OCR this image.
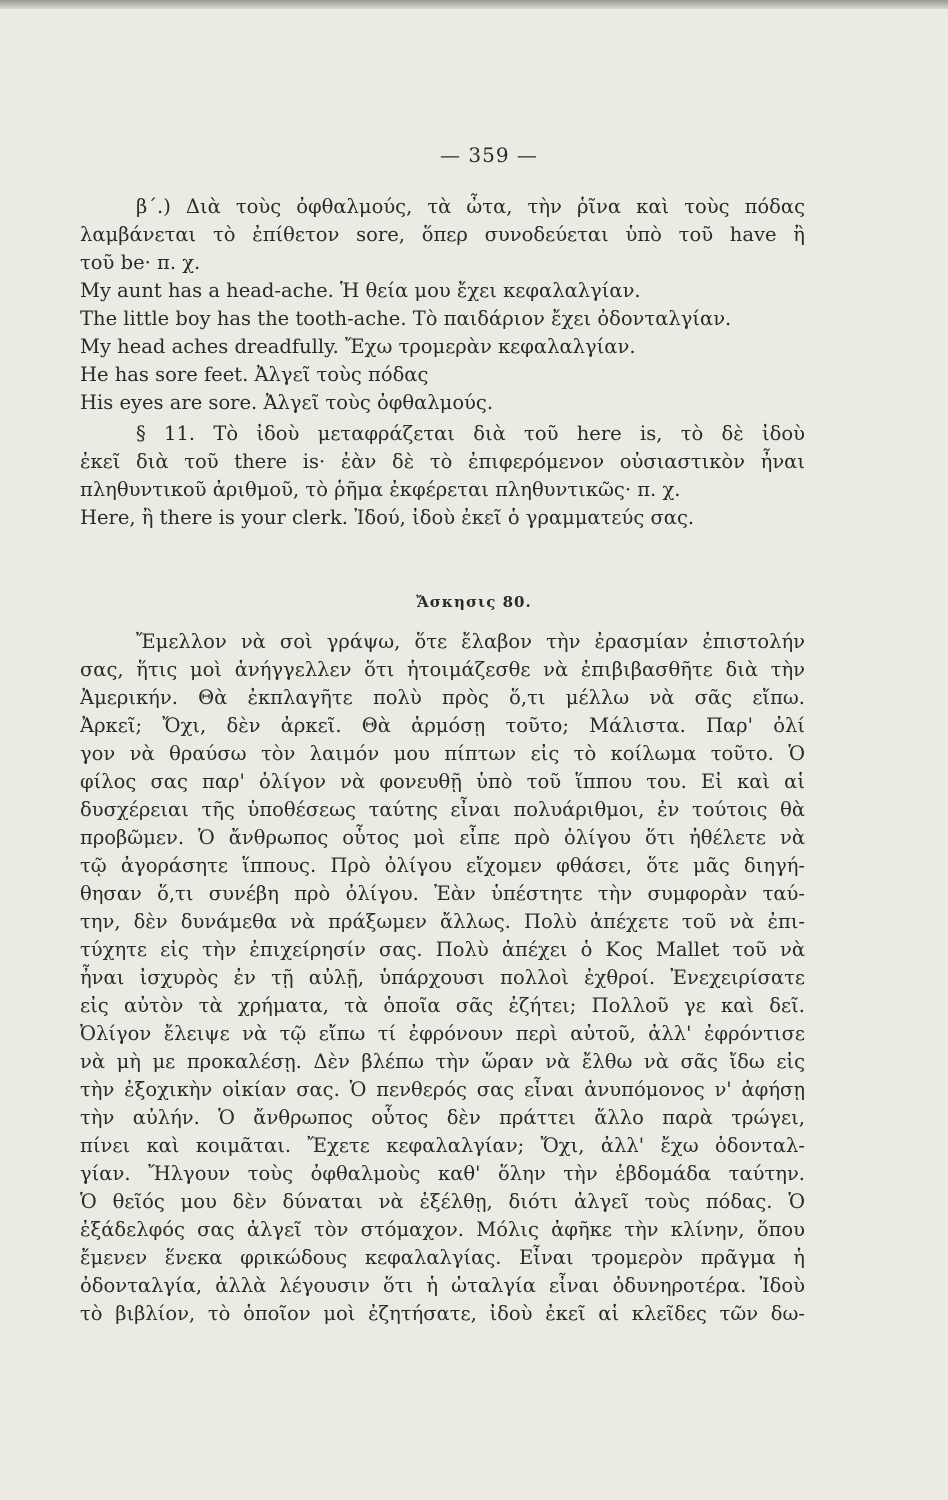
— 359 —
β΄.) Διὰ τοὺς ὀφθαλμούς, τὰ ὦτα, τὴν ῥῖνα καὶ τοὺς πόδας
λαμβάνεται τὸ ἐπίθετον sore, ὅπερ συνοδεύεται ὑπὸ τοῦ have ἢ
τοῦ be· π. χ.
My aunt has a head-ache. Ἡ θεία μου ἔχει κεφαλαλγίαν.
The little boy has the tooth-ache. Τὸ παιδάριον ἔχει ὀδονταλγίαν.
My head aches dreadfully. Ἔχω τρομερὰν κεφαλαλγίαν.
He has sore feet. Ἀλγεῖ τοὺς πόδας
His eyes are sore. Ἀλγεῖ τοὺς ὀφθαλμούς.
§ 11. Τὸ ἰδοὺ μεταφράζεται διὰ τοῦ here is, τὸ δὲ ἰδοὺ
ἐκεῖ διὰ τοῦ there is· ἐὰν δὲ τὸ ἐπιφερόμενον οὐσιαστικὸν ἦναι
πληθυντικοῦ ἀριθμοῦ, τὸ ῥῆμα ἐκφέρεται πληθυντικῶς· π. χ.
Here, ἢ there is your clerk. Ἰδού, ἰδοὺ ἐκεῖ ὁ γραμματεύς σας.
Ἄσκησις 80.
Ἔμελλον νὰ σοὶ γράψω, ὅτε ἔλαβον τὴν ἐρασμίαν ἐπιστολήν
σας, ἥτις μοὶ ἀνήγγελλεν ὅτι ἡτοιμάζεσθε νὰ ἐπιβιβασθῆτε διὰ τὴν
Ἀμερικήν. Θὰ ἐκπλαγῆτε πολὺ πρὸς ὅ,τι μέλλω νὰ σᾶς εἴπω.
Ἀρκεῖ; Ὄχι, δὲν ἀρκεῖ. Θὰ ἁρμόσῃ τοῦτο; Μάλιστα. Παρ' ὀλί
γον νὰ θραύσω τὸν λαιμόν μου πίπτων εἰς τὸ κοίλωμα τοῦτο. Ὁ
φίλος σας παρ' ὀλίγον νὰ φονευθῇ ὑπὸ τοῦ ἵππου του. Εἰ καὶ αἱ
δυσχέρειαι τῆς ὑποθέσεως ταύτης εἶναι πολυάριθμοι, ἐν τούτοις θὰ
προβῶμεν. Ὁ ἄνθρωπος οὗτος μοὶ εἶπε πρὸ ὀλίγου ὅτι ἠθέλετε νὰ
τῷ ἀγοράσητε ἵππους. Πρὸ ὀλίγου εἴχομεν φθάσει, ὅτε μᾶς διηγή-
θησαν ὅ,τι συνέβη πρὸ ὀλίγου. Ἐὰν ὑπέστητε τὴν συμφορὰν ταύ-
την, δὲν δυνάμεθα νὰ πράξωμεν ἄλλως. Πολὺ ἀπέχετε τοῦ νὰ ἐπι-
τύχητε εἰς τὴν ἐπιχείρησίν σας. Πολὺ ἀπέχει ὁ Κος Mallet τοῦ νὰ
ἦναι ἰσχυρὸς ἐν τῇ αὐλῇ, ὑπάρχουσι πολλοὶ ἐχθροί. Ἐνεχειρίσατε
εἰς αὐτὸν τὰ χρήματα, τὰ ὁποῖα σᾶς ἐζήτει; Πολλοῦ γε καὶ δεῖ.
Ὀλίγον ἔλειψε νὰ τῷ εἴπω τί ἐφρόνουν περὶ αὐτοῦ, ἀλλ' ἐφρόντισε
νὰ μὴ με προκαλέσῃ. Δὲν βλέπω τὴν ὥραν νὰ ἔλθω νὰ σᾶς ἴδω εἰς
τὴν ἐξοχικὴν οἰκίαν σας. Ὁ πενθερός σας εἶναι ἀνυπόμονος ν' ἀφήσῃ
τὴν αὐλήν. Ὁ ἄνθρωπος οὗτος δὲν πράττει ἄλλο παρὰ τρώγει,
πίνει καὶ κοιμᾶται. Ἔχετε κεφαλαλγίαν; Ὄχι, ἀλλ' ἔχω ὀδονταλ-
γίαν. Ἤλγουν τοὺς ὀφθαλμοὺς καθ' ὅλην τὴν ἑβδομάδα ταύτην.
Ὁ θεῖός μου δὲν δύναται νὰ ἐξέλθῃ, διότι ἀλγεῖ τοὺς πόδας. Ὁ
ἐξάδελφός σας ἀλγεῖ τὸν στόμαχον. Μόλις ἀφῆκε τὴν κλίνην, ὅπου
ἔμενεν ἕνεκα φρικώδους κεφαλαλγίας. Εἶναι τρομερὸν πρᾶγμα ἡ
ὀδονταλγία, ἀλλὰ λέγουσιν ὅτι ἡ ὠταλγία εἶναι ὀδυνηροτέρα. Ἰδοὺ
τὸ βιβλίον, τὸ ὁποῖον μοὶ ἐζητήσατε, ἰδοὺ ἐκεῖ αἱ κλεῖδες τῶν δω-
